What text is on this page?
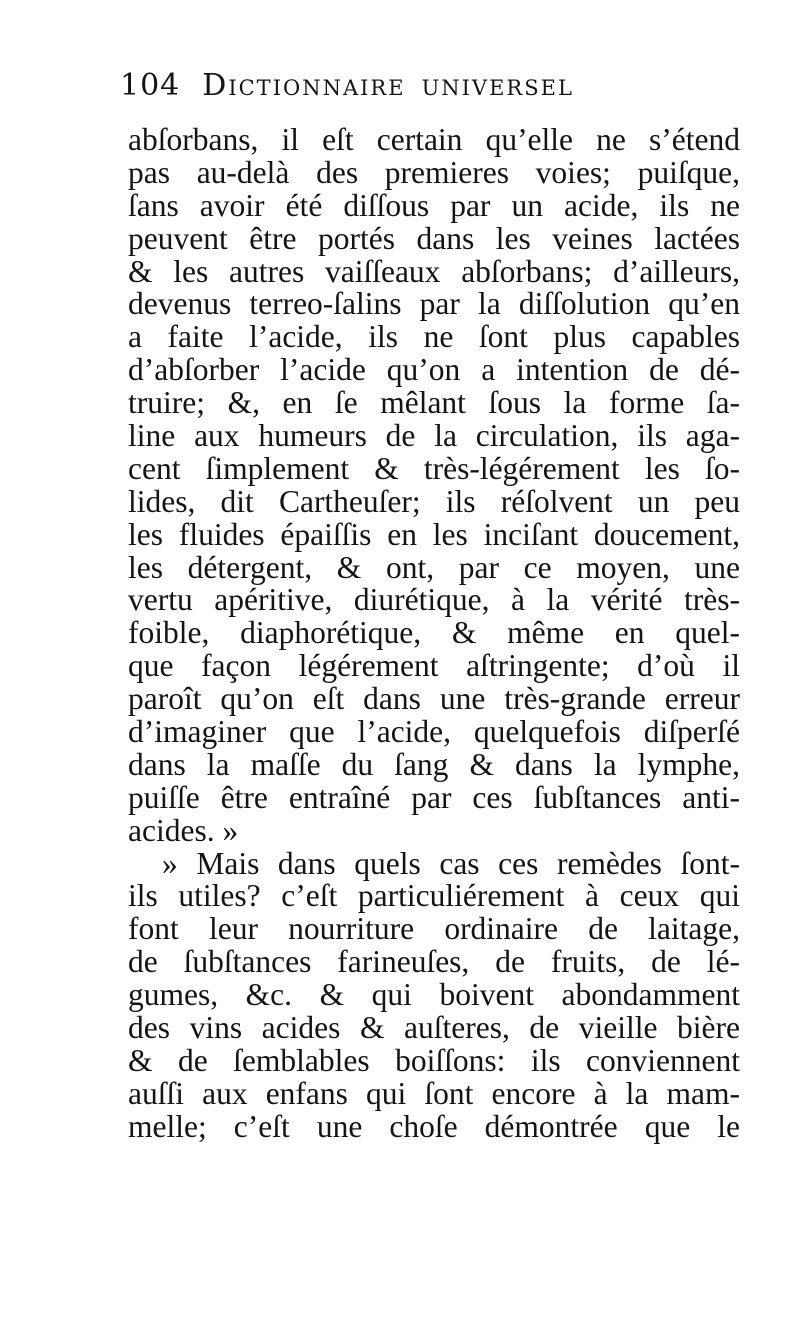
104 Dictionnaire universel
abſorbans, il eſt certain qu’elle ne s’étend
pas au-delà des premieres voies; puiſque,
ſans avoir été diſſous par un acide, ils ne
peuvent être portés dans les veines lactées
& les autres vaiſſeaux abſorbans; d’ailleurs,
devenus terreo-ſalins par la diſſolution qu’en
a faite l’acide, ils ne ſont plus capables
d’abſorber l’acide qu’on a intention de dé-
truire; &, en ſe mêlant ſous la forme ſa-
line aux humeurs de la circulation, ils aga-
cent ſimplement & très-légérement les ſo-
lides, dit Cartheuſer; ils réſolvent un peu
les fluides épaiſſis en les inciſant doucement,
les détergent, & ont, par ce moyen, une
vertu apéritive, diurétique, à la vérité très-
foible, diaphorétique, & même en quel-
que façon légérement aſtringente; d’où il
paroît qu’on eſt dans une très-grande erreur
d’imaginer que l’acide, quelquefois diſperſé
dans la maſſe du ſang & dans la lymphe,
puiſſe être entraîné par ces ſubſtances anti-
acides. »
» Mais dans quels cas ces remèdes ſont-
ils utiles? c’eſt particuliérement à ceux qui
font leur nourriture ordinaire de laitage,
de ſubſtances farineuſes, de fruits, de lé-
gumes, &c. & qui boivent abondamment
des vins acides & auſteres, de vieille bière
& de ſemblables boiſſons: ils conviennent
auſſi aux enfans qui ſont encore à la mam-
melle; c’eſt une choſe démontrée que le
